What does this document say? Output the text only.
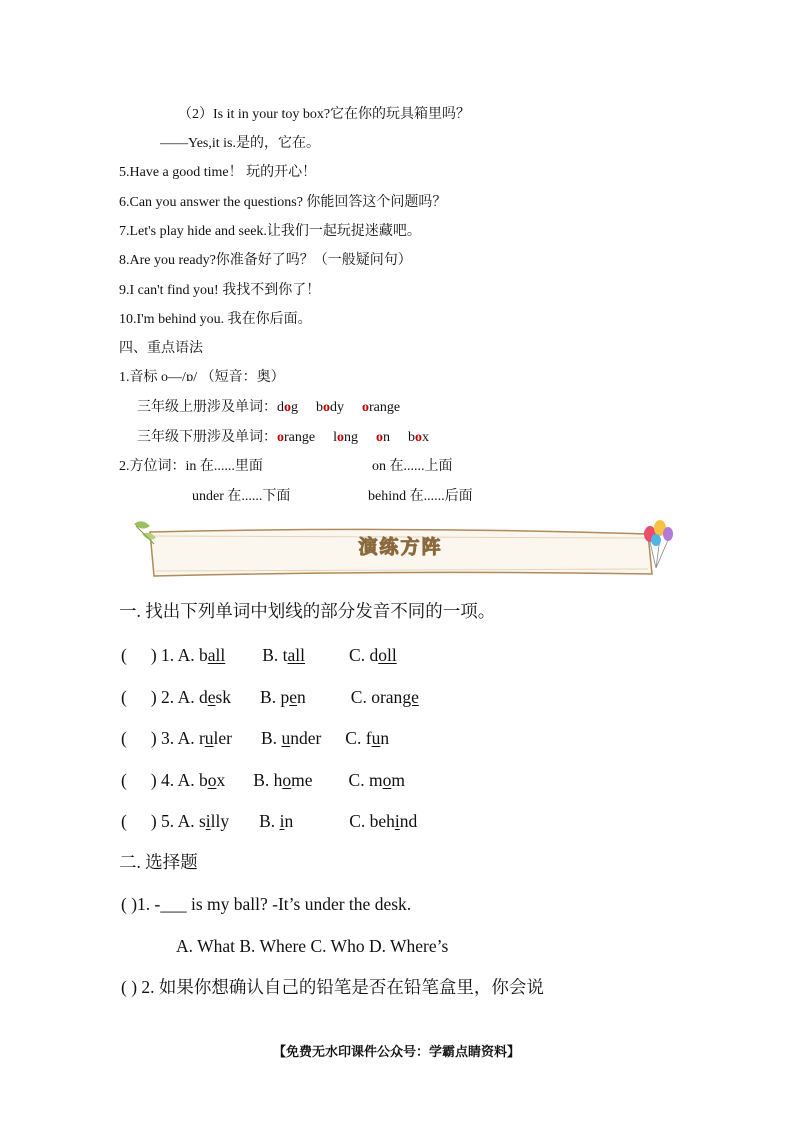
（2）Is it in your toy box?它在你的玩具箱里吗？
——Yes,it is.是的，它在。
5.Have a good time！ 玩的开心！
6.Can you answer the questions? 你能回答这个问题吗？
7.Let's play hide and seek.让我们一起玩捉迷藏吧。
8.Are you ready?你准备好了吗？（一般疑问句）
9.I can't find you! 我找不到你了！
10.I'm behind you. 我在你后面。
四、重点语法
1.音标 o—/ɒ/ （短音：奥）
三年级上册涉及单词：dog body orange
三年级下册涉及单词：orange long on box
2.方位词：in 在......里面	on 在......上面
under 在......下面	behind 在......后面
演练方阵
一. 找出下列单词中划线的部分发音不同的一项。
( ) 1. A. ball B. tall	C. doll
( ) 2. A. desk B. pen	C. orange
( ) 3. A. ruler B. under C. fun
( ) 4. A. box B. home C. mom
( ) 5. A. silly B. in	C. behind
二. 选择题
( )1. -___ is my ball? -It’s under the desk.
A. What B. Where C. Who D. Where’s
( ) 2. 如果你想确认自己的铅笔是否在铅笔盒里，你会说
【免费无水印课件公众号：学霸点睛资料】
